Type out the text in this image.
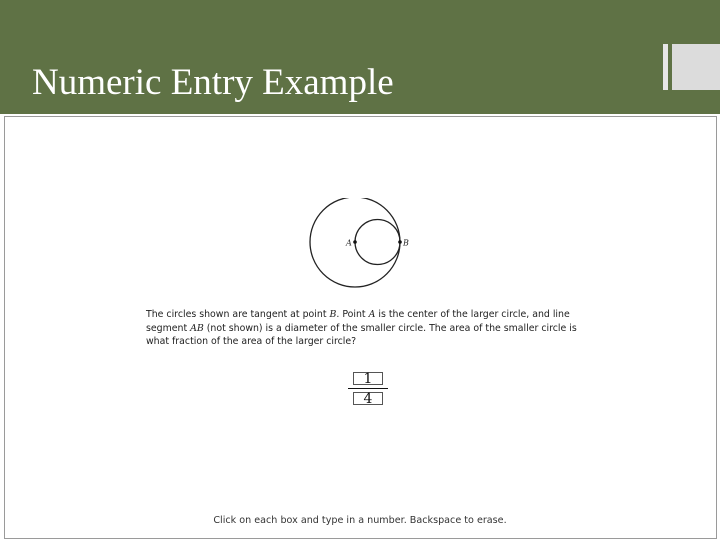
Numeric Entry Example

A	B
The circles shown are tangent at point B. Point A is the center of the larger circle, and line segment AB (not shown) is a diameter of the smaller circle. The area of the smaller circle is what fraction of the area of the larger circle?
$\frac{1}{4}$
Click on each box and type in a number. Backspace to erase.
